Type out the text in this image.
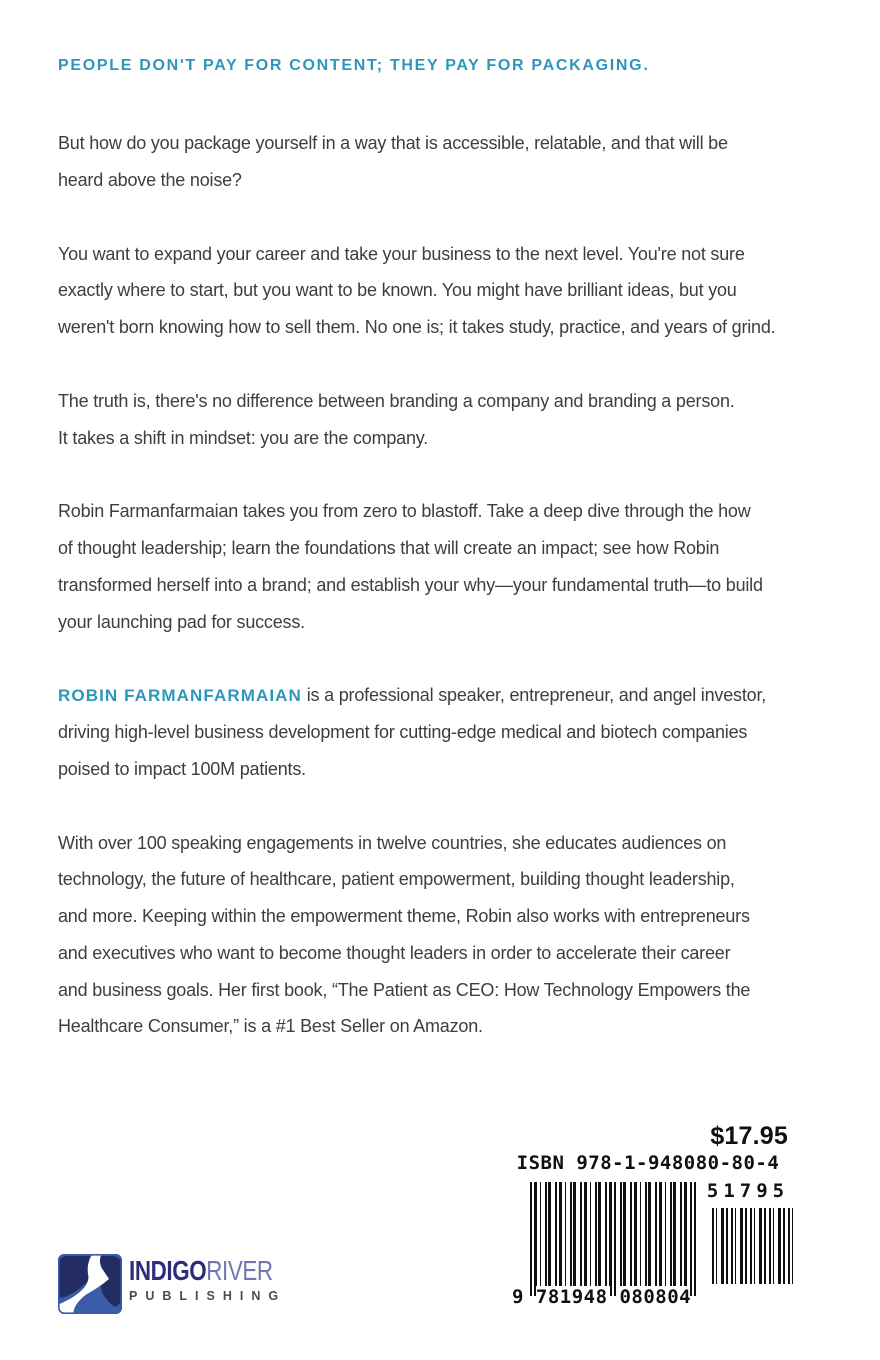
PEOPLE DON'T PAY FOR CONTENT; THEY PAY FOR PACKAGING.
But how do you package yourself in a way that is accessible, relatable, and that will be
heard above the noise?
You want to expand your career and take your business to the next level. You're not sure
exactly where to start, but you want to be known. You might have brilliant ideas, but you
weren't born knowing how to sell them. No one is; it takes study, practice, and years of grind.
The truth is, there's no difference between branding a company and branding a person.
It takes a shift in mindset: you are the company.
Robin Farmanfarmaian takes you from zero to blastoff. Take a deep dive through the how
of thought leadership; learn the foundations that will create an impact; see how Robin
transformed herself into a brand; and establish your why—your fundamental truth—to build
your launching pad for success.
ROBIN FARMANFARMAIAN is a professional speaker, entrepreneur, and angel investor,
driving high-level business development for cutting-edge medical and biotech companies
poised to impact 100M patients.
With over 100 speaking engagements in twelve countries, she educates audiences on
technology, the future of healthcare, patient empowerment, building thought leadership,
and more. Keeping within the empowerment theme, Robin also works with entrepreneurs
and executives who want to become thought leaders in order to accelerate their career
and business goals. Her first book, “The Patient as CEO: How Technology Empowers the
Healthcare Consumer,” is a #1 Best Seller on Amazon.
$17.95
ISBN 978-1-948080-80-4
51795
9 781948 080804
INDIGORIVER
PUBLISHING
